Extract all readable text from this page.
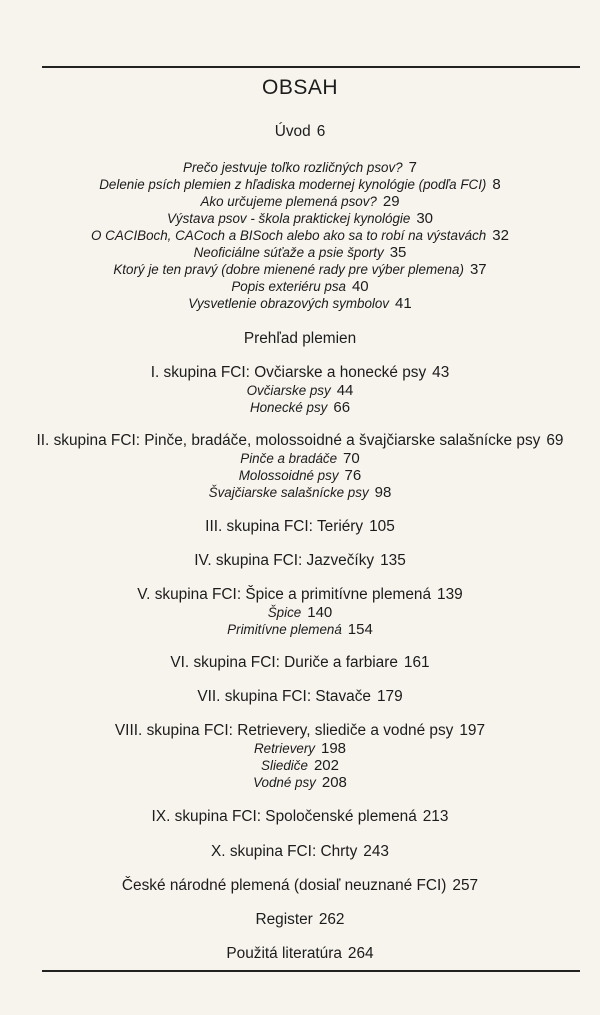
OBSAH
Úvod 6
Prečo jestvuje toľko rozličných psov? 7
Delenie psích plemien z hľadiska modernej kynológie (podľa FCI) 8
Ako určujeme plemená psov? 29
Výstava psov - škola praktickej kynológie 30
O CACIBoch, CACoch a BISoch alebo ako sa to robí na výstavách 32
Neoficiálne súťaže a psie športy 35
Ktorý je ten pravý (dobre mienené rady pre výber plemena) 37
Popis exteriéru psa 40
Vysvetlenie obrazových symbolov 41
Prehľad plemien
I. skupina FCI: Ovčiarske a honecké psy 43
Ovčiarske psy 44
Honecké psy 66
II. skupina FCI: Pinče, bradáče, molossoidné a švajčiarske salašnícke psy 69
Pinče a bradáče 70
Molossoidné psy 76
Švajčiarske salašnícke psy 98
III. skupina FCI: Teriéry 105
IV. skupina FCI: Jazvečíky 135
V. skupina FCI: Špice a primitívne plemená 139
Špice 140
Primitívne plemená 154
VI. skupina FCI: Duriče a farbiare 161
VII. skupina FCI: Stavače 179
VIII. skupina FCI: Retrievery, sliediče a vodné psy 197
Retrievery 198
Sliediče 202
Vodné psy 208
IX. skupina FCI: Spoločenské plemená 213
X. skupina FCI: Chrty 243
České národné plemená (dosiaľ neuznané FCI) 257
Register 262
Použitá literatúra 264
